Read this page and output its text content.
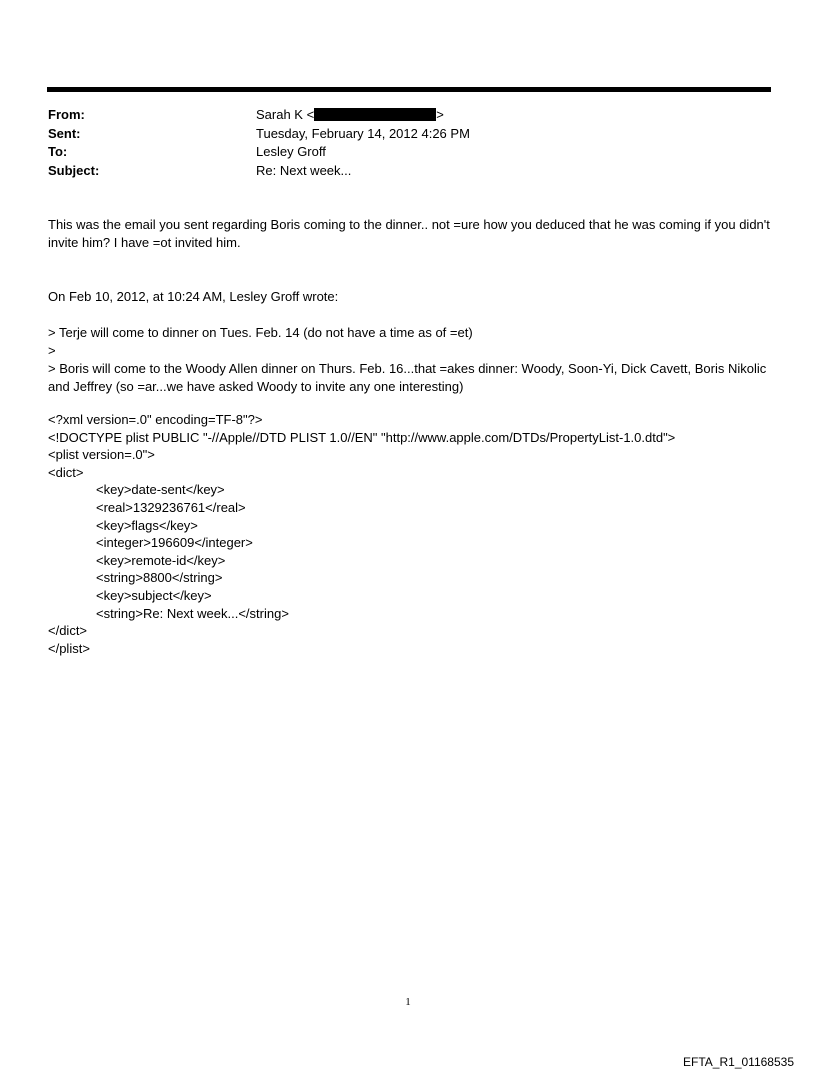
From:	Sarah K <	>
Sent:	Tuesday, February 14, 2012 4:26 PM
To:	Lesley Groff
Subject:	Re: Next week...
This was the email you sent regarding Boris coming to the dinner.. not =ure how you deduced that he was coming if you didn't invite him? I have =ot invited him.
On Feb 10, 2012, at 10:24 AM, Lesley Groff wrote:
> Terje will come to dinner on Tues. Feb. 14 (do not have a time as of =et)
>
> Boris will come to the Woody Allen dinner on Thurs. Feb. 16...that =akes dinner: Woody, Soon-Yi, Dick Cavett, Boris Nikolic and Jeffrey (so =ar...we have asked Woody to invite any one interesting)
<?xml version=.0" encoding=TF-8"?>
<!DOCTYPE plist PUBLIC "-//Apple//DTD PLIST 1.0//EN" "http://www.apple.com/DTDs/PropertyList-1.0.dtd">
<plist version=.0">
<dict>
<key>date-sent</key>
<real>1329236761</real>
<key>flags</key>
<integer>196609</integer>
<key>remote-id</key>
<string>8800</string>
<key>subject</key>
<string>Re: Next week...</string>
</dict>
</plist>
1
EFTA_R1_01168535
